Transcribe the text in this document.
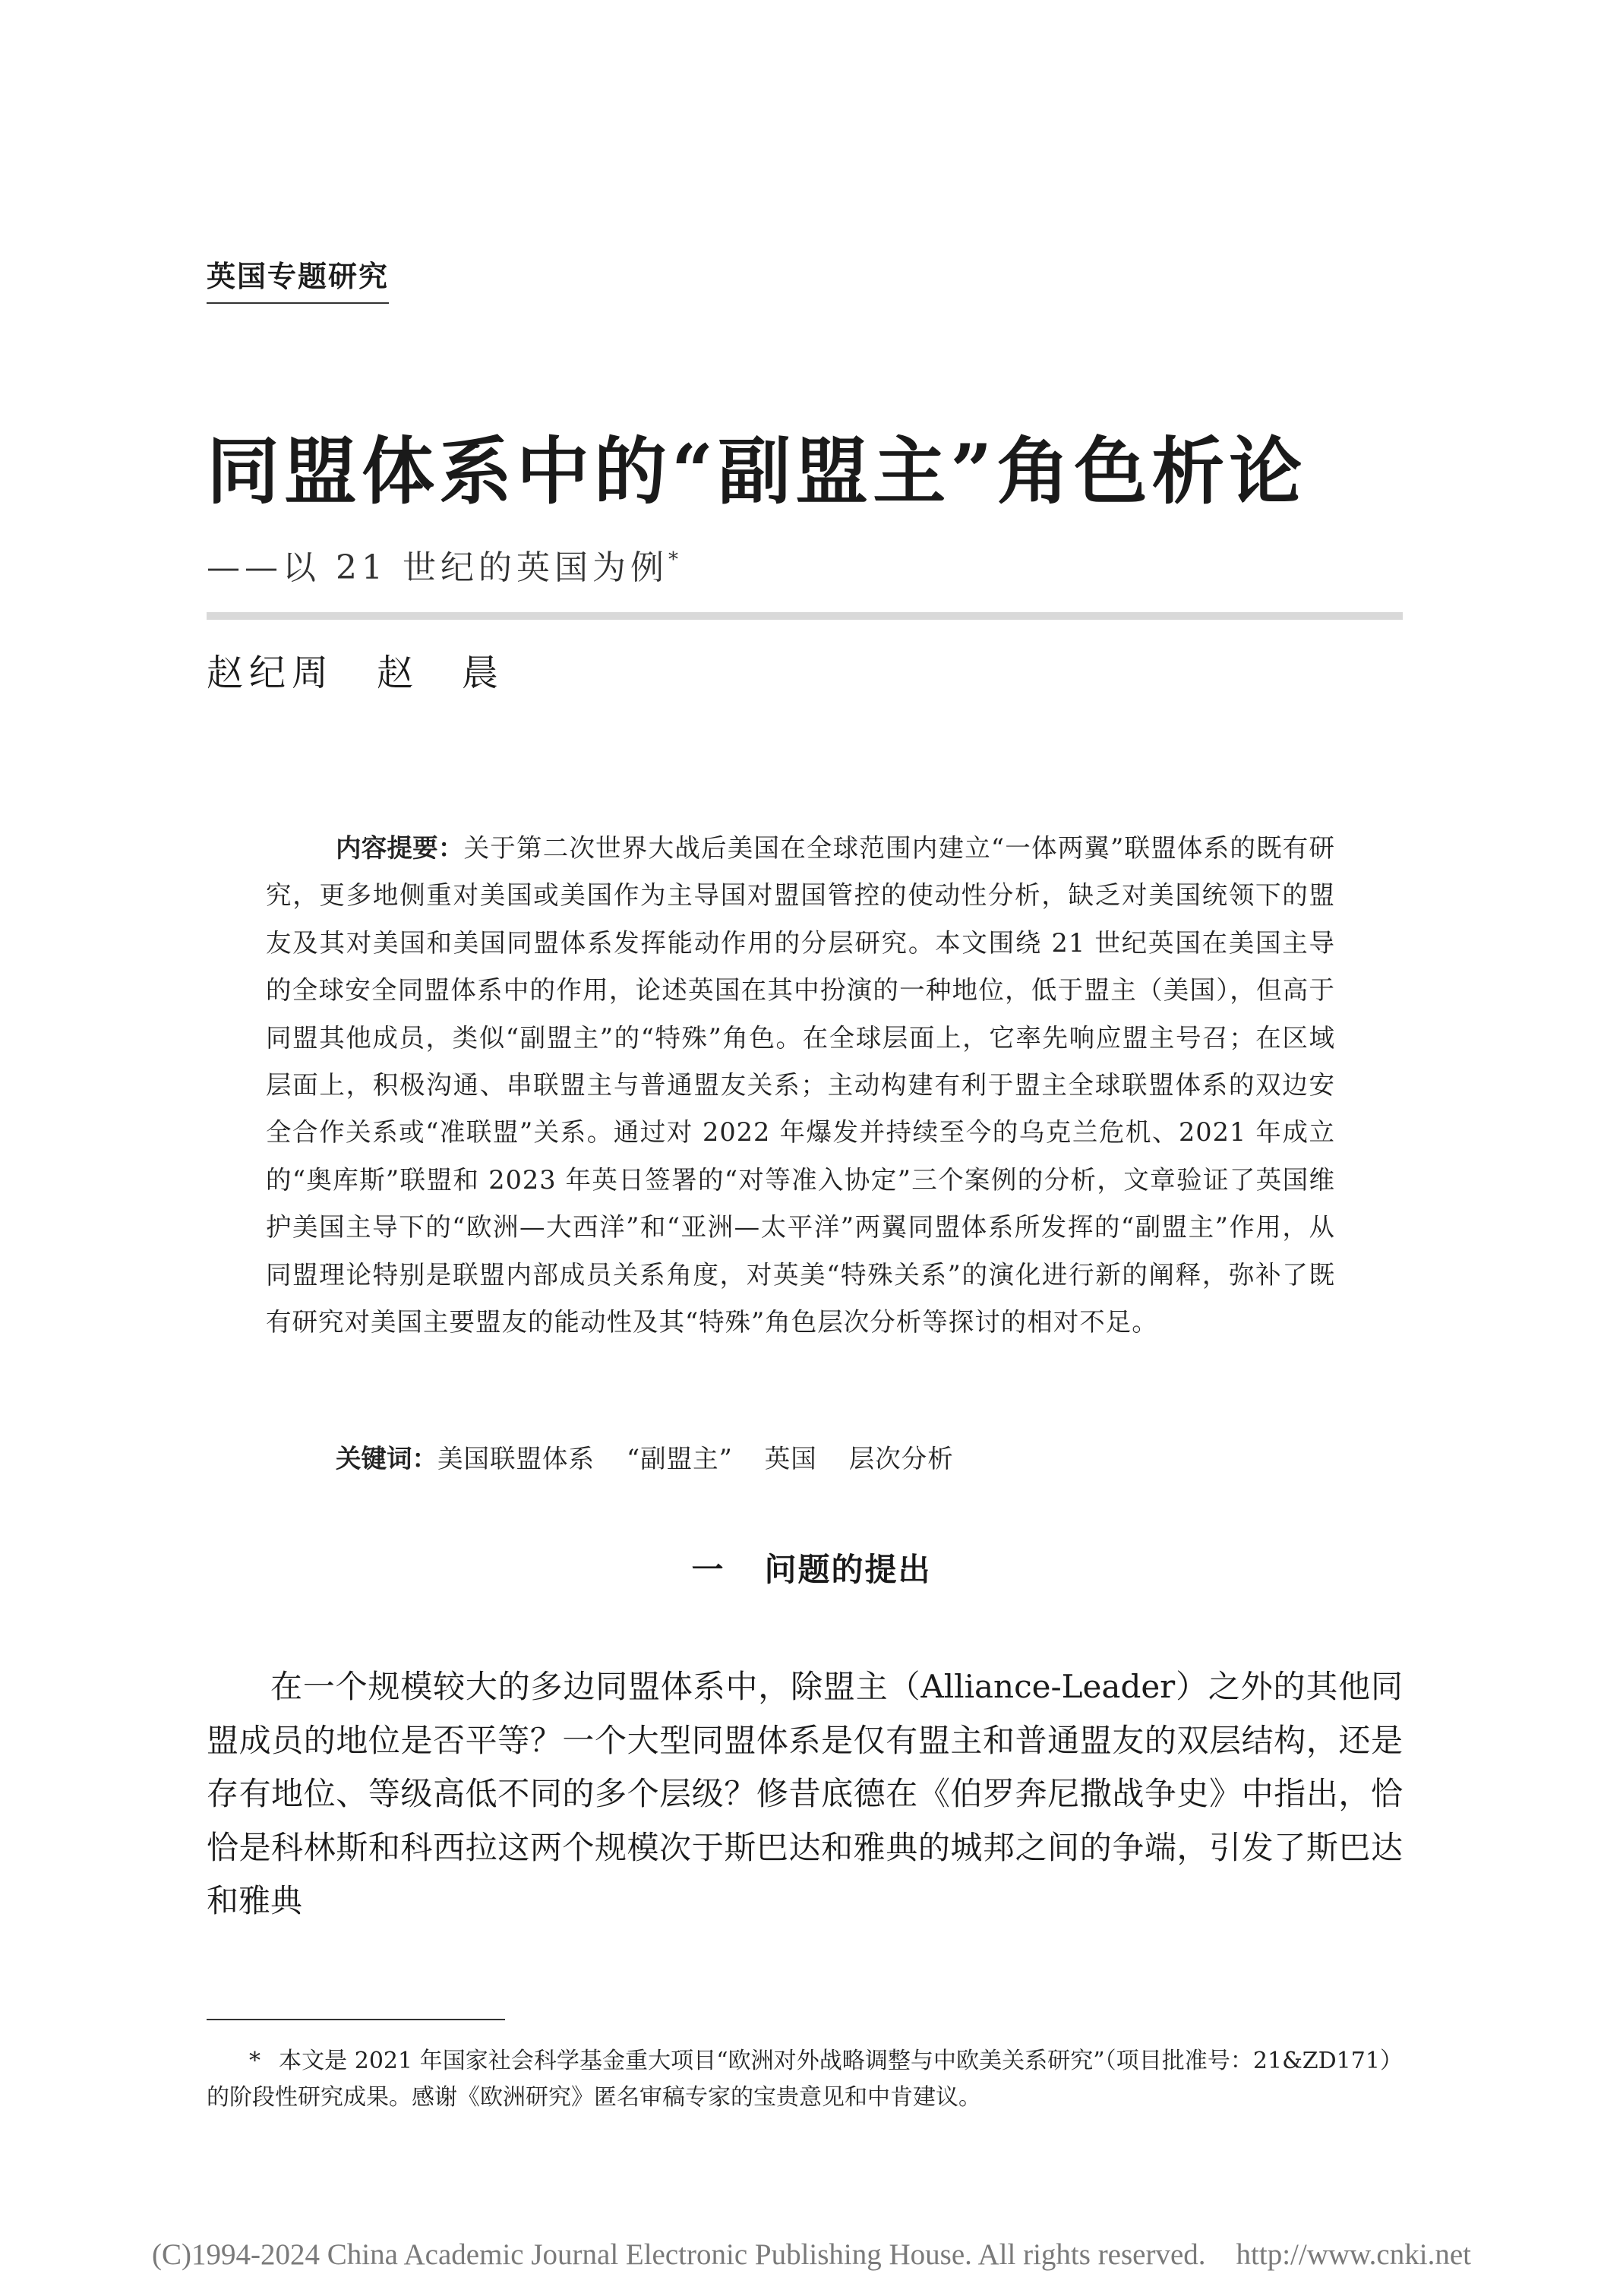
英国专题研究
同盟体系中的“副盟主”角色析论
——以 21 世纪的英国为例*
赵纪周 赵　晨

内容提要：关于第二次世界大战后美国在全球范围内建立“一体两翼”联盟体系的既有研究，更多地侧重对美国或美国作为主导国对盟国管控的使动性分析，缺乏对美国统领下的盟友及其对美国和美国同盟体系发挥能动作用的分层研究。本文围绕 21 世纪英国在美国主导的全球安全同盟体系中的作用，论述英国在其中扮演的一种地位，低于盟主（美国），但高于同盟其他成员，类似“副盟主”的“特殊”角色。在全球层面上，它率先响应盟主号召；在区域层面上，积极沟通、串联盟主与普通盟友关系；主动构建有利于盟主全球联盟体系的双边安全合作关系或“准联盟”关系。通过对 2022 年爆发并持续至今的乌克兰危机、2021 年成立的“奥库斯”联盟和 2023 年英日签署的“对等准入协定”三个案例的分析，文章验证了英国维护美国主导下的“欧洲—大西洋”和“亚洲—太平洋”两翼同盟体系所发挥的“副盟主”作用，从同盟理论特别是联盟内部成员关系角度，对英美“特殊关系”的演化进行新的阐释，弥补了既有研究对美国主要盟友的能动性及其“特殊”角色层次分析等探讨的相对不足。

关键词：美国联盟体系 “副盟主” 英国 层次分析
一 问题的提出

在一个规模较大的多边同盟体系中，除盟主（Alliance-Leader）之外的其他同盟成员的地位是否平等？一个大型同盟体系是仅有盟主和普通盟友的双层结构，还是存有地位、等级高低不同的多个层级？修昔底德在《伯罗奔尼撒战争史》中指出，恰恰是科林斯和科西拉这两个规模次于斯巴达和雅典的城邦之间的争端，引发了斯巴达和雅典

* 本文是 2021 年国家社会科学基金重大项目“欧洲对外战略调整与中欧美关系研究”（项目批准号：21&ZD171）的阶段性研究成果。感谢《欧洲研究》匿名审稿专家的宝贵意见和中肯建议。

(C)1994-2024 China Academic Journal Electronic Publishing House. All rights reserved. http://www.cnki.net
